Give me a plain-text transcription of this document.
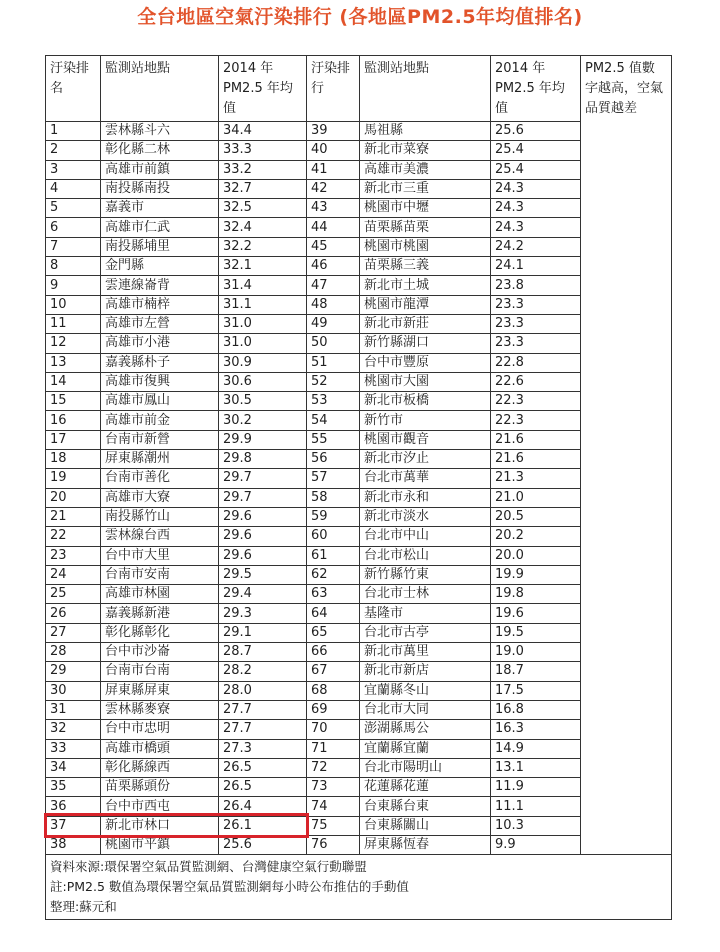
全台地區空氣汙染排行 (各地區PM2.5年均值排名)
汙染排名	監測站地點	2014 年PM2.5 年均值	汙染排行	監測站地點	2014 年PM2.5 年均值	PM2.5 值數字越高，空氣品質越差

1	雲林縣斗六	34.4	39	馬祖縣	25.6	
2	彰化縣二林	33.3	40	新北市菜寮	25.4	
3	高雄市前鎮	33.2	41	高雄市美濃	25.4	
4	南投縣南投	32.7	42	新北市三重	24.3	
5	嘉義市	32.5	43	桃園市中壢	24.3	
6	高雄市仁武	32.4	44	苗栗縣苗栗	24.3	
7	南投縣埔里	32.2	45	桃園市桃園	24.2	
8	金門縣	32.1	46	苗栗縣三義	24.1	
9	雲連線崙背	31.4	47	新北市土城	23.8	
10	高雄市楠梓	31.1	48	桃園市龍潭	23.3	
11	高雄市左營	31.0	49	新北市新莊	23.3	
12	高雄市小港	31.0	50	新竹縣湖口	23.3	
13	嘉義縣朴子	30.9	51	台中市豐原	22.8	
14	高雄市復興	30.6	52	桃園市大園	22.6	
15	高雄市鳳山	30.5	53	新北市板橋	22.3	
16	高雄市前金	30.2	54	新竹市	22.3	
17	台南市新營	29.9	55	桃園市觀音	21.6	
18	屏東縣潮州	29.8	56	新北市汐止	21.6	
19	台南市善化	29.7	57	台北市萬華	21.3	
20	高雄市大寮	29.7	58	新北市永和	21.0	
21	南投縣竹山	29.6	59	新北市淡水	20.5	
22	雲林線台西	29.6	60	台北市中山	20.2	
23	台中市大里	29.6	61	台北市松山	20.0	
24	台南市安南	29.5	62	新竹縣竹東	19.9	
25	高雄市林園	29.4	63	台北市士林	19.8	
26	嘉義縣新港	29.3	64	基隆市	19.6	
27	彰化縣彰化	29.1	65	台北市古亭	19.5	
28	台中市沙崙	28.7	66	新北市萬里	19.0	
29	台南市台南	28.2	67	新北市新店	18.7	
30	屏東縣屏東	28.0	68	宜蘭縣冬山	17.5	
31	雲林縣麥寮	27.7	69	台北市大同	16.8	
32	台中市忠明	27.7	70	澎湖縣馬公	16.3	
33	高雄市橋頭	27.3	71	宜蘭縣宜蘭	14.9	
34	彰化縣線西	26.5	72	台北市陽明山	13.1	
35	苗栗縣頭份	26.5	73	花蓮縣花蓮	11.9	
36	台中市西屯	26.4	74	台東縣台東	11.1	
37	新北市林口	26.1	75	台東縣關山	10.3	
38	桃園市平鎮	25.6	76	屏東縣恆春	9.9	
資料來源:環保署空氣品質監測網、台灣健康空氣行動聯盟
註:PM2.5 數值為環保署空氣品質監測網每小時公布推估的手動值
整理:蘇元和
